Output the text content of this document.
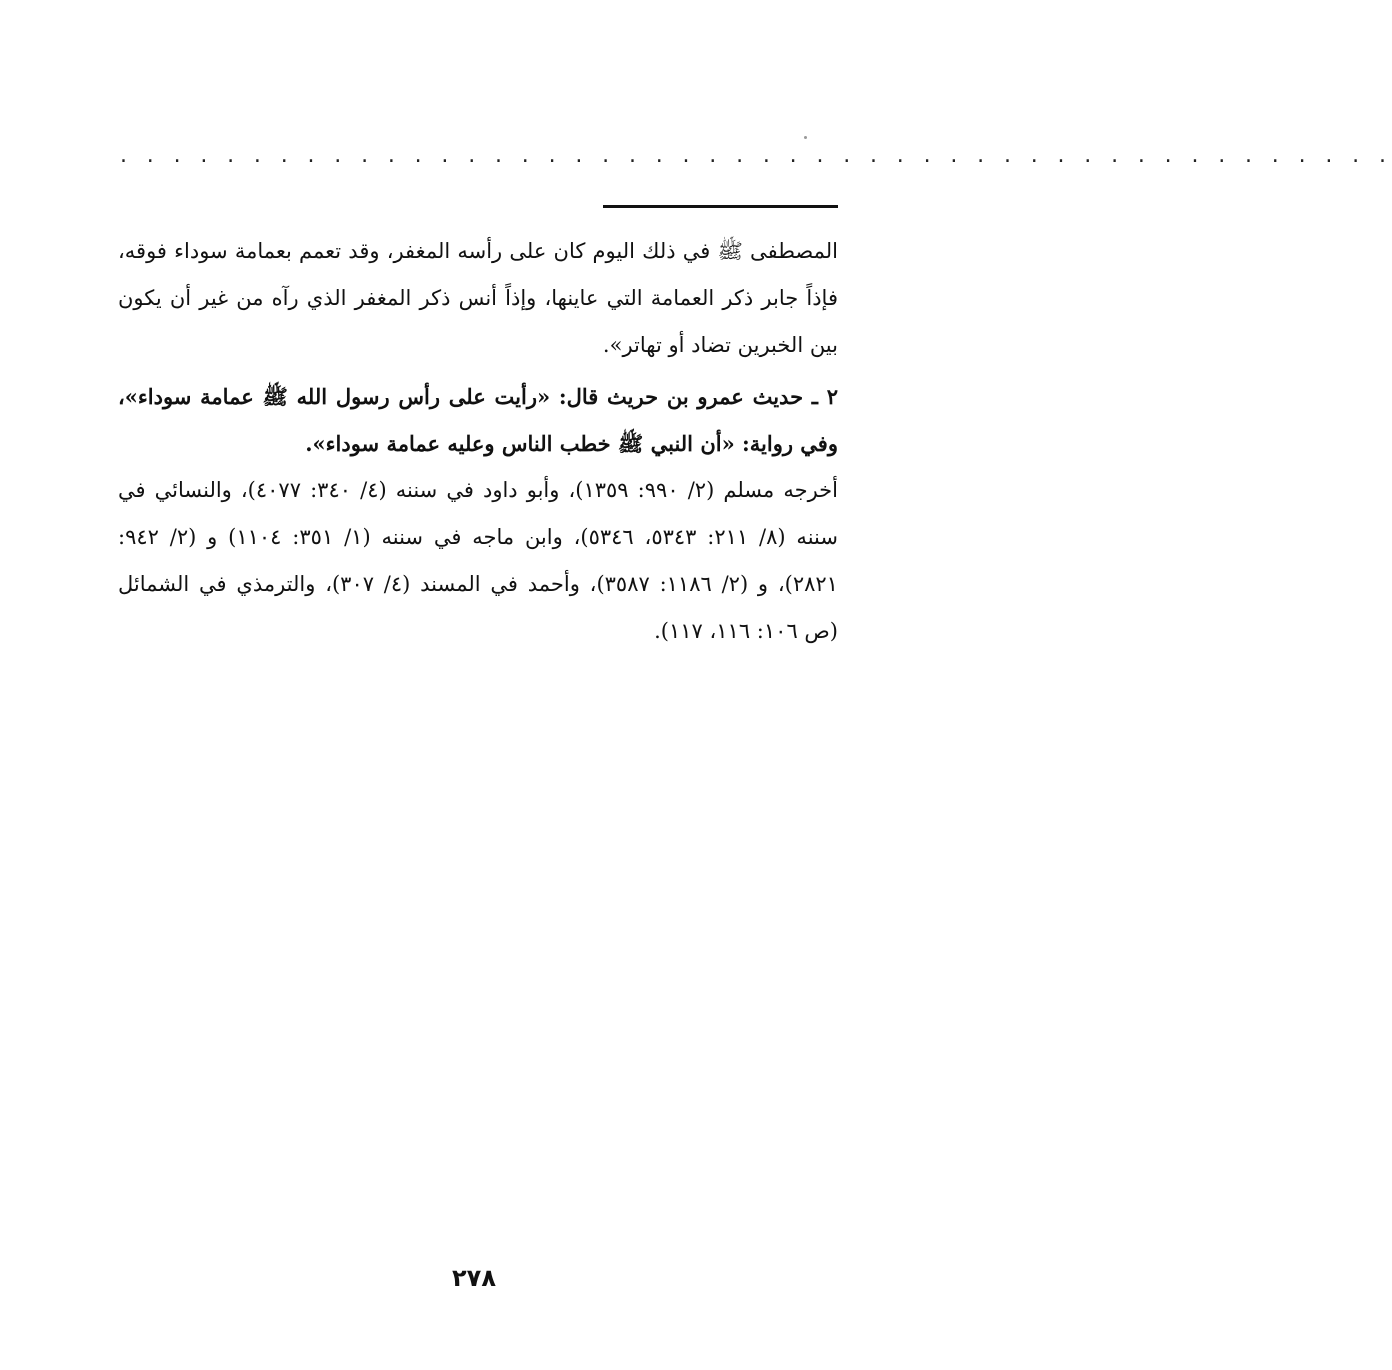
. . . . . . . . . . . . . . . . . . . . . . . . . . . . . . . . . . . . . . . . . . . . . . . .

المصطفى ﷺ في ذلك اليوم كان على رأسه المغفر، وقد تعمم بعمامة سوداء فوقه، فإذاً جابر ذكر العمامة التي عاينها، وإذاً أنس ذكر المغفر الذي رآه من غير أن يكون بين الخبرين تضاد أو تهاتر».

٢ ـ حديث عمرو بن حريث قال: «رأيت على رأس رسول الله ﷺ عمامة سوداء»، وفي رواية: «أن النبي ﷺ خطب الناس وعليه عمامة سوداء».

أخرجه مسلم (٢/ ٩٩٠: ١٣٥٩)، وأبو داود في سننه (٤/ ٣٤٠: ٤٠٧٧)، والنسائي في سننه (٨/ ٢١١: ٥٣٤٣، ٥٣٤٦)، وابن ماجه في سننه (١/ ٣٥١: ١١٠٤) و (٢/ ٩٤٢: ٢٨٢١)، و (٢/ ١١٨٦: ٣٥٨٧)، وأحمد في المسند (٤/ ٣٠٧)، والترمذي في الشمائل (ص ١٠٦: ١١٦، ١١٧).

٢٧٨
